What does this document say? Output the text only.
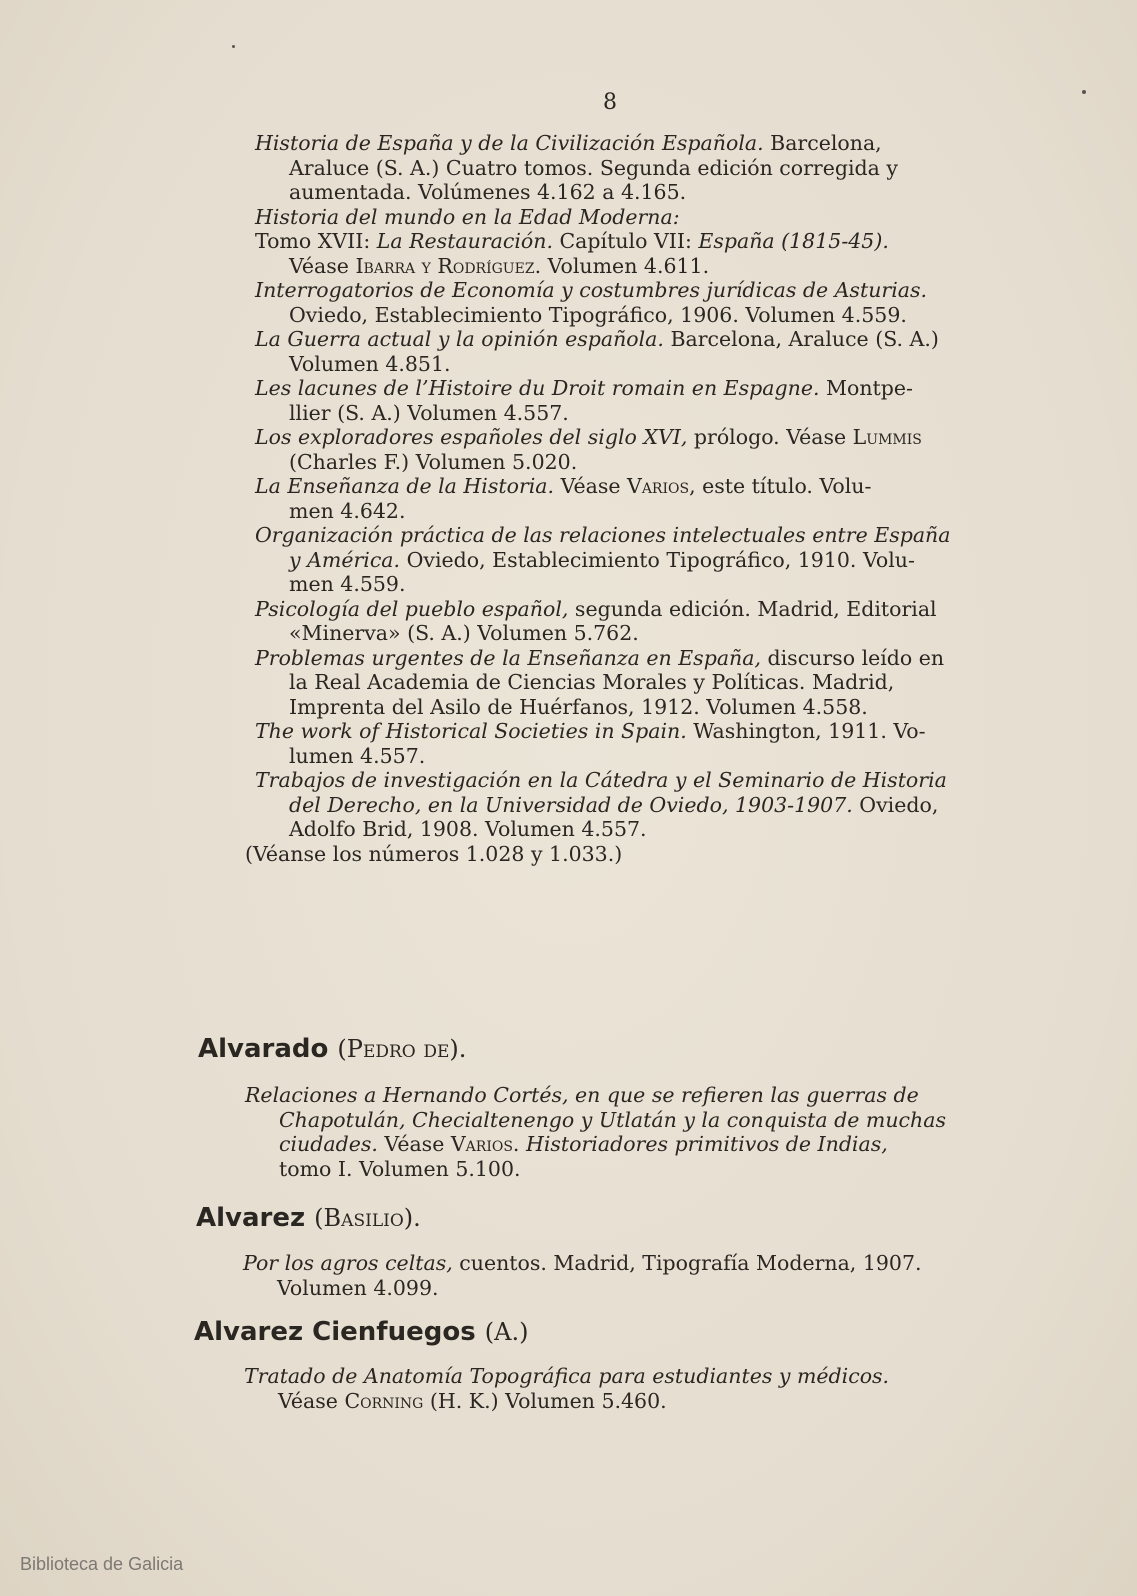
8
Historia de España y de la Civilización Española. Barcelona,
Araluce (S. A.) Cuatro tomos. Segunda edición corregida y
aumentada. Volúmenes 4.162 a 4.165.
Historia del mundo en la Edad Moderna:
Tomo XVII: La Restauración. Capítulo VII: España (1815-45).
Véase Ibarra y Rodríguez. Volumen 4.611.
Interrogatorios de Economía y costumbres jurídicas de Asturias.
Oviedo, Establecimiento Tipográfico, 1906. Volumen 4.559.
La Guerra actual y la opinión española. Barcelona, Araluce (S. A.)
Volumen 4.851.
Les lacunes de l’Histoire du Droit romain en Espagne. Montpe-
llier (S. A.) Volumen 4.557.
Los exploradores españoles del siglo XVI, prólogo. Véase Lummis
(Charles F.) Volumen 5.020.
La Enseñanza de la Historia. Véase Varios, este título. Volu-
men 4.642.
Organización práctica de las relaciones intelectuales entre España
y América. Oviedo, Establecimiento Tipográfico, 1910. Volu-
men 4.559.
Psicología del pueblo español, segunda edición. Madrid, Editorial
«Minerva» (S. A.) Volumen 5.762.
Problemas urgentes de la Enseñanza en España, discurso leído en
la Real Academia de Ciencias Morales y Políticas. Madrid,
Imprenta del Asilo de Huérfanos, 1912. Volumen 4.558.
The work of Historical Societies in Spain. Washington, 1911. Vo-
lumen 4.557.
Trabajos de investigación en la Cátedra y el Seminario de Historia
del Derecho, en la Universidad de Oviedo, 1903-1907. Oviedo,
Adolfo Brid, 1908. Volumen 4.557.
(Véanse los números 1.028 y 1.033.)
Alvarado (Pedro de).
Relaciones a Hernando Cortés, en que se refieren las guerras de
Chapotulán, Checialtenengo y Utlatán y la conquista de muchas
ciudades. Véase Varios. Historiadores primitivos de Indias,
tomo I. Volumen 5.100.
Alvarez (Basilio).
Por los agros celtas, cuentos. Madrid, Tipografía Moderna, 1907.
Volumen 4.099.
Alvarez Cienfuegos (A.)
Tratado de Anatomía Topográfica para estudiantes y médicos.
Véase Corning (H. K.) Volumen 5.460.
Biblioteca de Galicia
